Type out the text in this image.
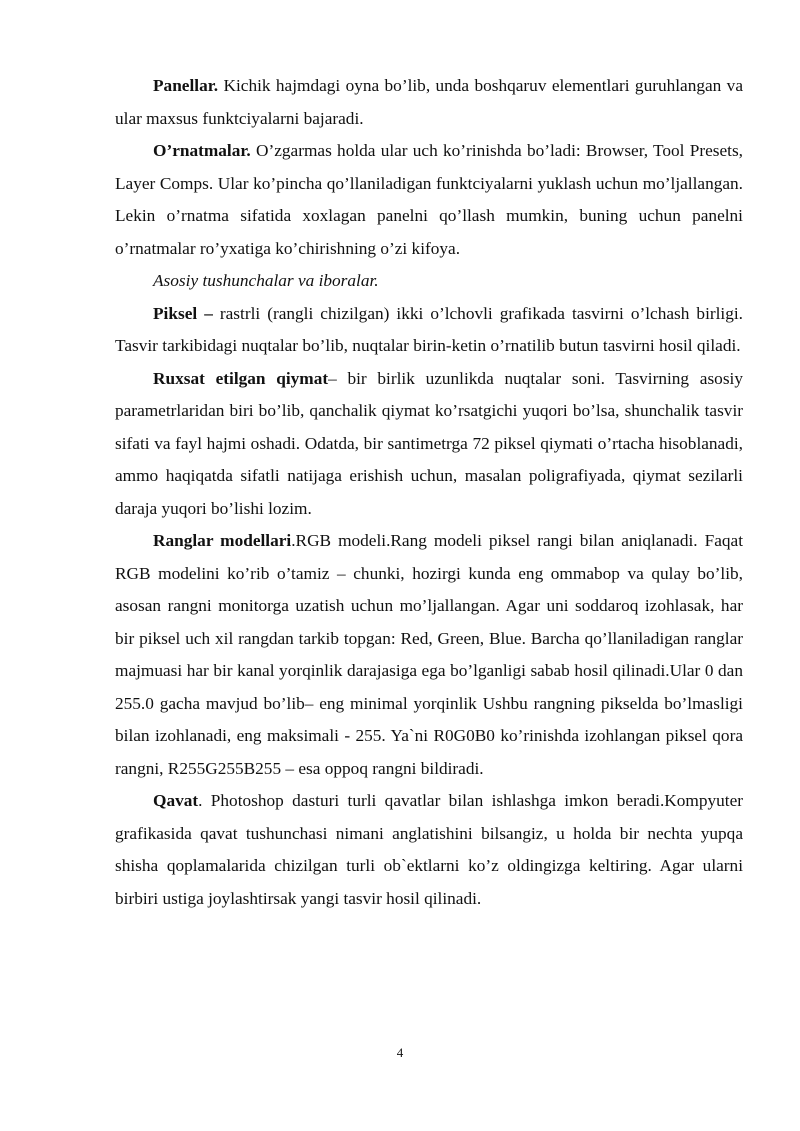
Panellar. Kichik hajmdagi oyna bo’lib, unda boshqaruv elementlari guruhlangan va ular maxsus funktciyalarni bajaradi.

O’rnatmalar. O’zgarmas holda ular uch ko’rinishda bo’ladi: Browser, Tool Presets, Layer Comps. Ular ko’pincha qo’llaniladigan funktciyalarni yuklash uchun mo’ljallangan. Lekin o’rnatma sifatida xoxlagan panelni qo’llash mumkin, buning uchun panelni o’rnatmalar ro’yxatiga ko’chirishning o’zi kifoya.

Asosiy tushunchalar va iboralar.

Piksel – rastrli (rangli chizilgan) ikki o’lchovli grafikada tasvirni o’lchash birligi. Tasvir tarkibidagi nuqtalar bo’lib, nuqtalar birin-ketin o’rnatilib butun tasvirni hosil qiladi.

Ruxsat etilgan qiymat– bir birlik uzunlikda nuqtalar soni. Tasvirning asosiy parametrlaridan biri bo’lib, qanchalik qiymat ko’rsatgichi yuqori bo’lsa, shunchalik tasvir sifati va fayl hajmi oshadi. Odatda, bir santimetrga 72 piksel qiymati o’rtacha hisoblanadi, ammo haqiqatda sifatli natijaga erishish uchun, masalan poligrafiyada, qiymat sezilarli daraja yuqori bo’lishi lozim.

Ranglar modellari.RGB modeli.Rang modeli piksel rangi bilan aniqlanadi. Faqat RGB modelini ko’rib o’tamiz – chunki, hozirgi kunda eng ommabop va qulay bo’lib, asosan rangni monitorga uzatish uchun mo’ljallangan. Agar uni soddaroq izohlasak, har bir piksel uch xil rangdan tarkib topgan: Red, Green, Blue. Barcha qo’llaniladigan ranglar majmuasi har bir kanal yorqinlik darajasiga ega bo’lganligi sabab hosil qilinadi.Ular 0 dan 255.0 gacha mavjud bo’lib– eng minimal yorqinlik Ushbu rangning pikselda bo’lmasligi bilan izohlanadi, eng maksimali - 255. Ya`ni R0G0B0 ko’rinishda izohlangan piksel qora rangni, R255G255B255 – esa oppoq rangni bildiradi.

Qavat. Photoshop dasturi turli qavatlar bilan ishlashga imkon beradi.Kompyuter grafikasida qavat tushunchasi nimani anglatishini bilsangiz, u holda bir nechta yupqa shisha qoplamalarida chizilgan turli ob`ektlarni ko’z oldingizga keltiring. Agar ularni birbiri ustiga joylashtirsak yangi tasvir hosil qilinadi.

4
